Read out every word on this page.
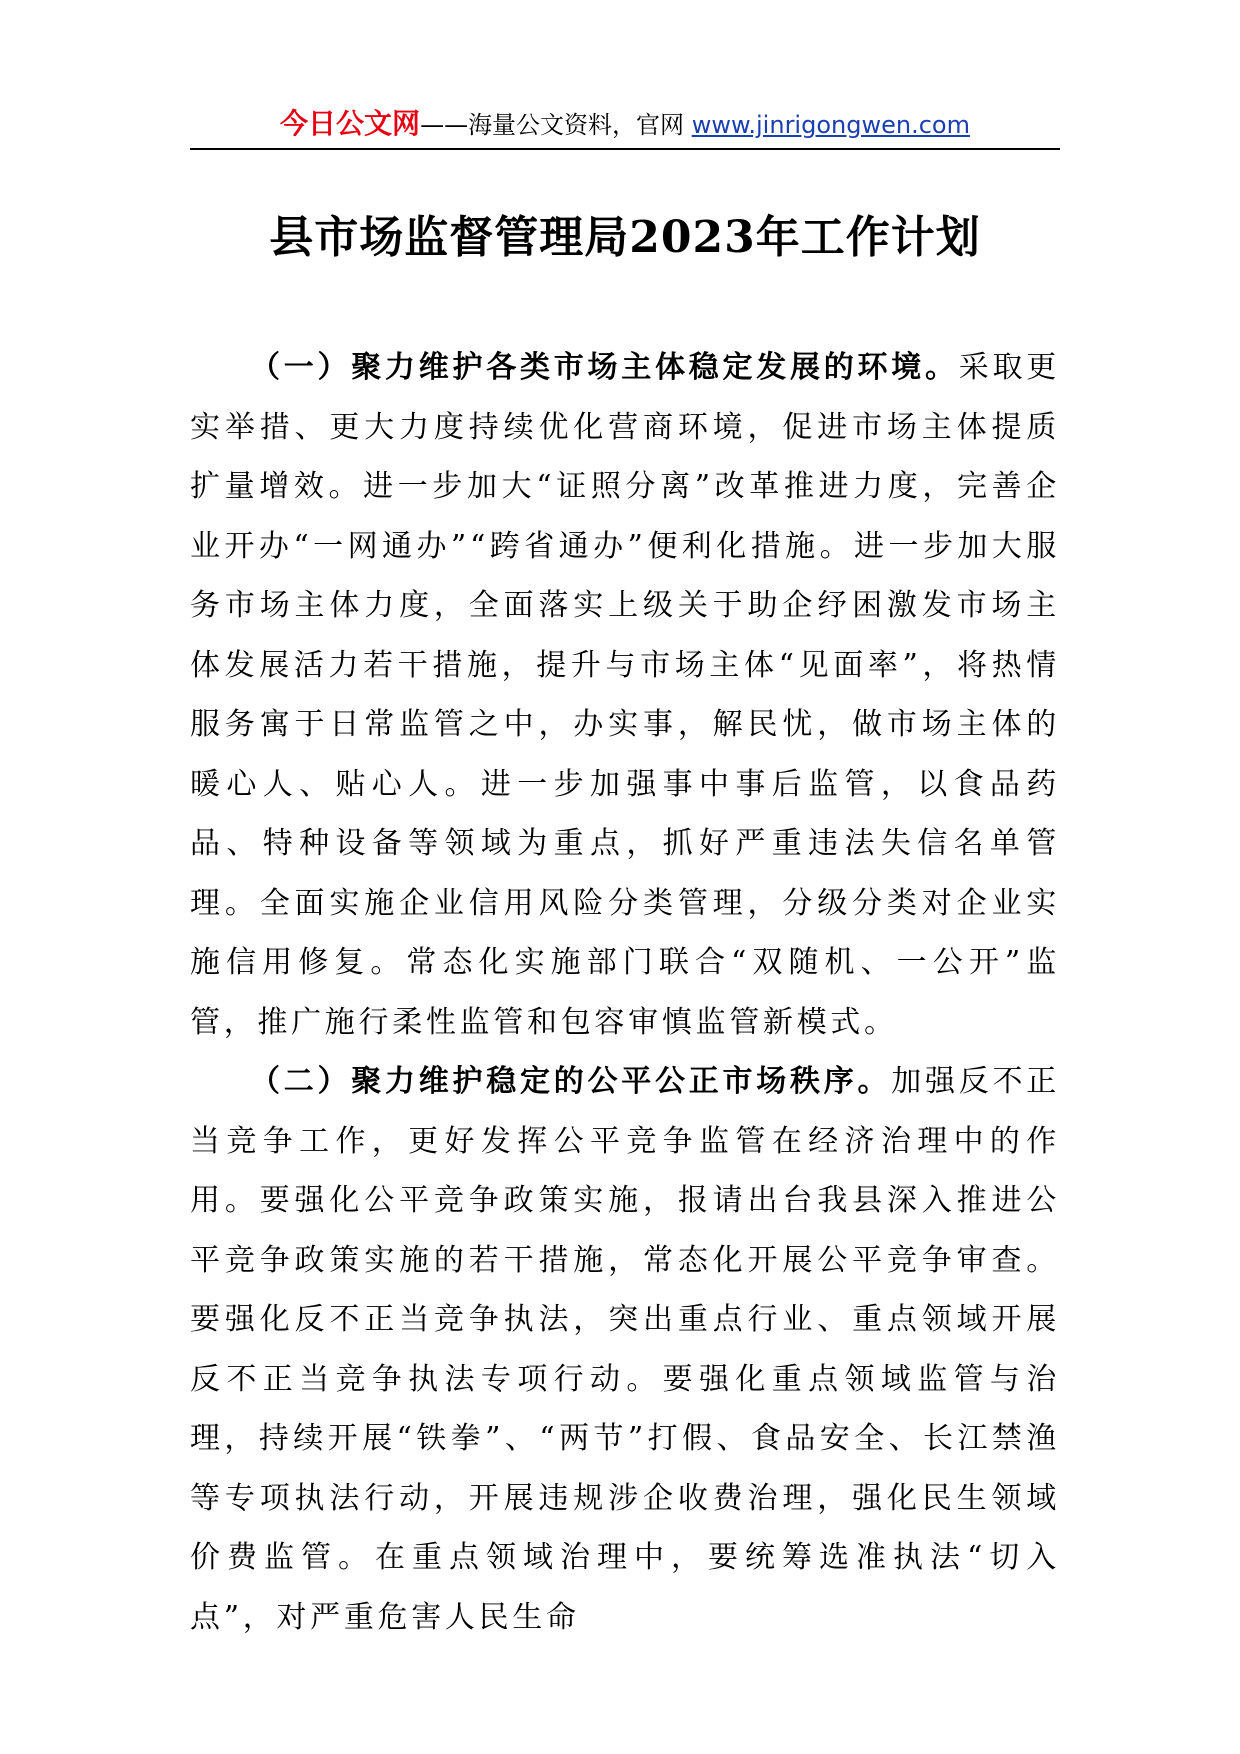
今日公文网——海量公文资料，官网 www.jinrigongwen.com
县市场监督管理局2023年工作计划

（一）聚力维护各类市场主体稳定发展的环境。采取更实举措、更大力度持续优化营商环境，促进市场主体提质扩量增效。进一步加大“证照分离”改革推进力度，完善企业开办“一网通办”“跨省通办”便利化措施。进一步加大服务市场主体力度，全面落实上级关于助企纾困激发市场主体发展活力若干措施，提升与市场主体“见面率”，将热情服务寓于日常监管之中，办实事，解民忧，做市场主体的暖心人、贴心人。进一步加强事中事后监管，以食品药品、特种设备等领域为重点，抓好严重违法失信名单管理。全面实施企业信用风险分类管理，分级分类对企业实施信用修复。常态化实施部门联合“双随机、一公开”监管，推广施行柔性监管和包容审慎监管新模式。

（二）聚力维护稳定的公平公正市场秩序。加强反不正当竞争工作，更好发挥公平竞争监管在经济治理中的作用。要强化公平竞争政策实施，报请出台我县深入推进公平竞争政策实施的若干措施，常态化开展公平竞争审查。要强化反不正当竞争执法，突出重点行业、重点领域开展反不正当竞争执法专项行动。要强化重点领域监管与治理，持续开展“铁拳”、“两节”打假、食品安全、长江禁渔等专项执法行动，开展违规涉企收费治理，强化民生领域价费监管。在重点领域治理中，要统筹选准执法“切入点”，对严重危害人民生命
